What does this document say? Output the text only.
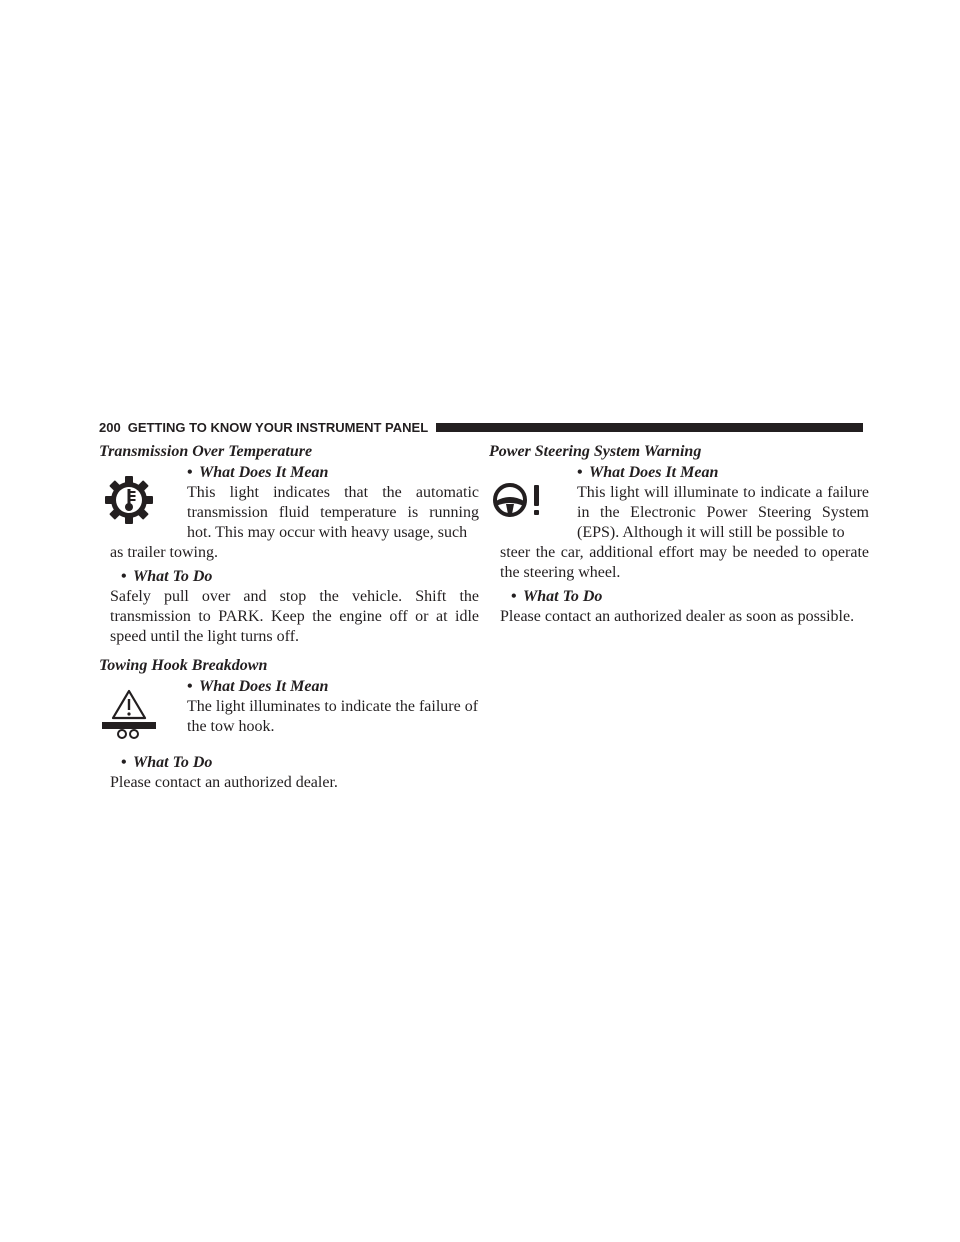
200 GETTING TO KNOW YOUR INSTRUMENT PANEL
Transmission Over Temperature
• What Does It Mean
This light indicates that the automatic transmission fluid temperature is running hot. This may occur with heavy usage, such
as trailer towing.
• What To Do
Safely pull over and stop the vehicle. Shift the transmission to PARK. Keep the engine off or at idle speed until the light turns off.
Towing Hook Breakdown
• What Does It Mean
The light illuminates to indicate the failure of the tow hook.
• What To Do
Please contact an authorized dealer.
Power Steering System Warning
• What Does It Mean
This light will illuminate to indicate a failure in the Electronic Power Steering System (EPS). Although it will still be possible to
steer the car, additional effort may be needed to operate the steering wheel.
• What To Do
Please contact an authorized dealer as soon as possible.
